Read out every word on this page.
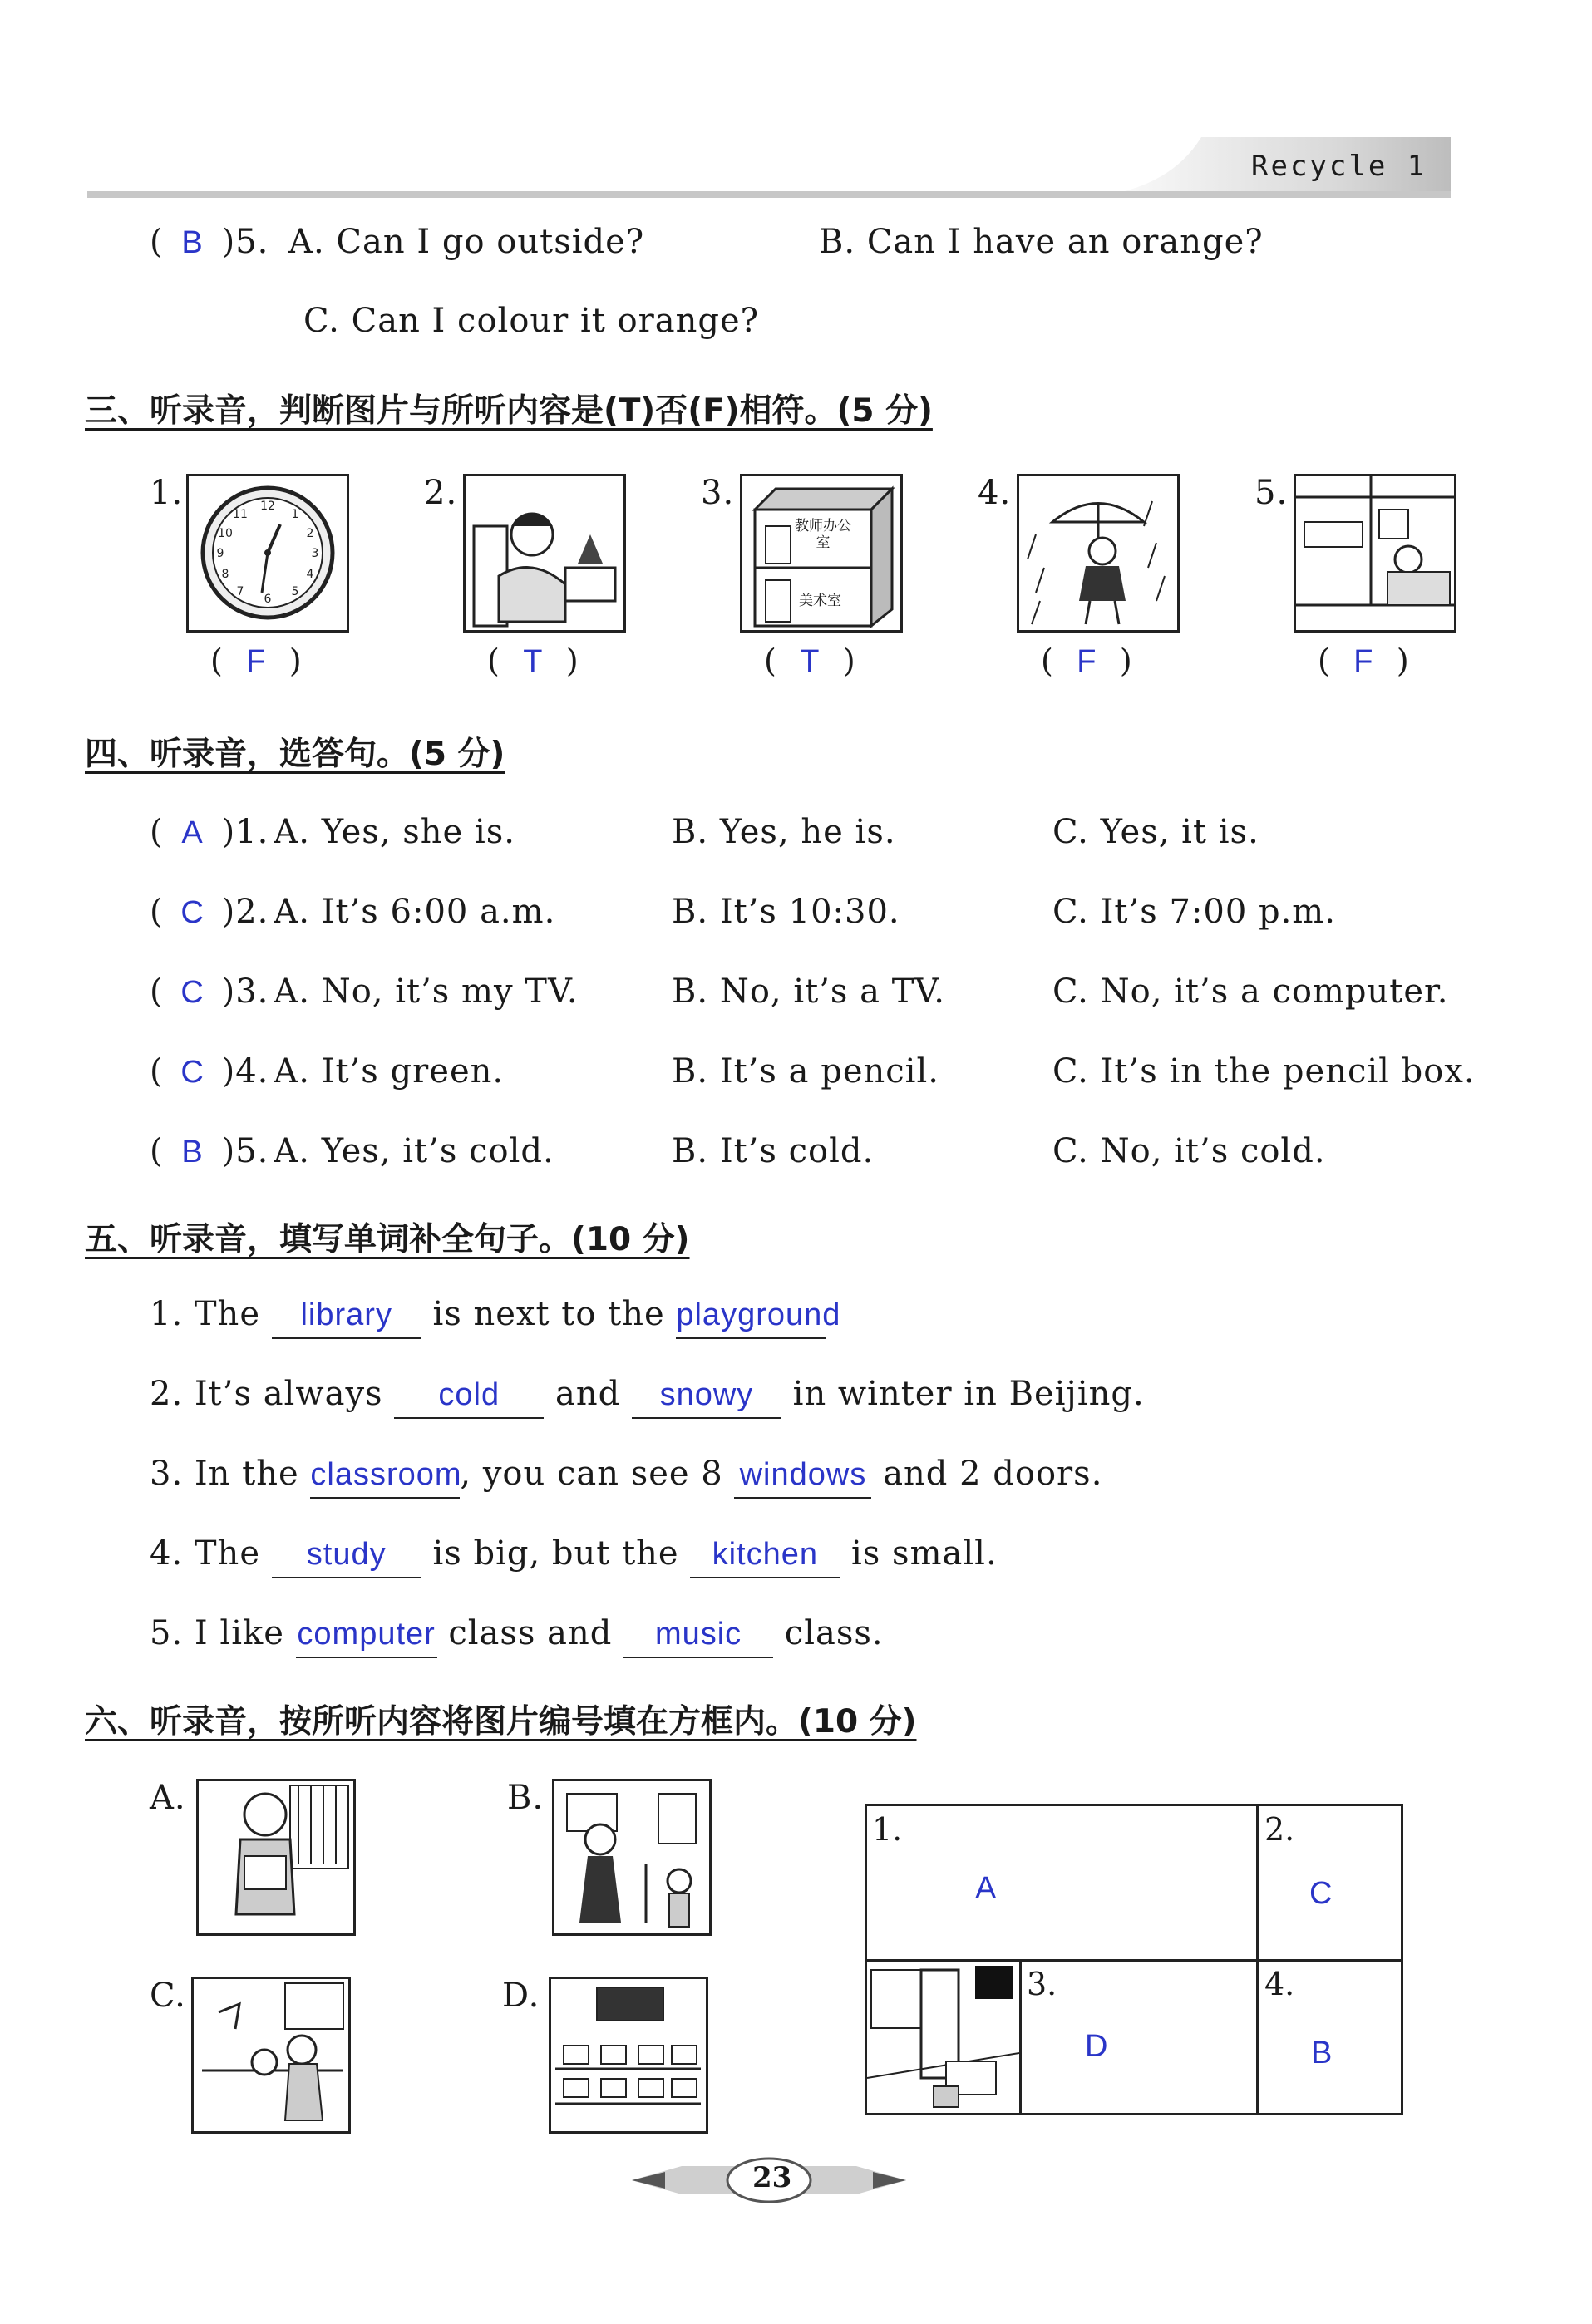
Recycle 1
( B )5. A. Can I go outside?	B. Can I have an orange?
C. Can I colour it orange?
三、听录音，判断图片与所听内容是(T)否(F)相符。(5 分)
1.	12
1
2
3
4
5
6
7
8
9
10
11
( F )
2.
( T )
3.
教师办公室
美术室
( T )
4.
( F )
5.
( F )
四、听录音，选答句。(5 分)
( A )1. A. Yes, she is.	B. Yes, he is.	C. Yes, it is.
( C )2. A. It’s 6:00 a.m.	B. It’s 10:30.	C. It’s 7:00 p.m.
( C )3. A. No, it’s my TV.	B. No, it’s a TV.	C. No, it’s a computer.
( C )4. A. It’s green.	B. It’s a pencil.	C. It’s in the pencil box.
( B )5. A. Yes, it’s cold.	B. It’s cold.	C. No, it’s cold.
五、听录音，填写单词补全句子。(10 分)
1. The library is next to the playground
2. It’s always cold and snowy in winter in Beijing.
3. In the classroom, you can see 8 windows and 2 doors.
4. The study is big, but the kitchen is small.
5. I like computer class and music class.
六、听录音，按所听内容将图片编号填在方框内。(10 分)
A.	B.
C.	D.
1.
A
2.
C
3.
D
4.
B
23
